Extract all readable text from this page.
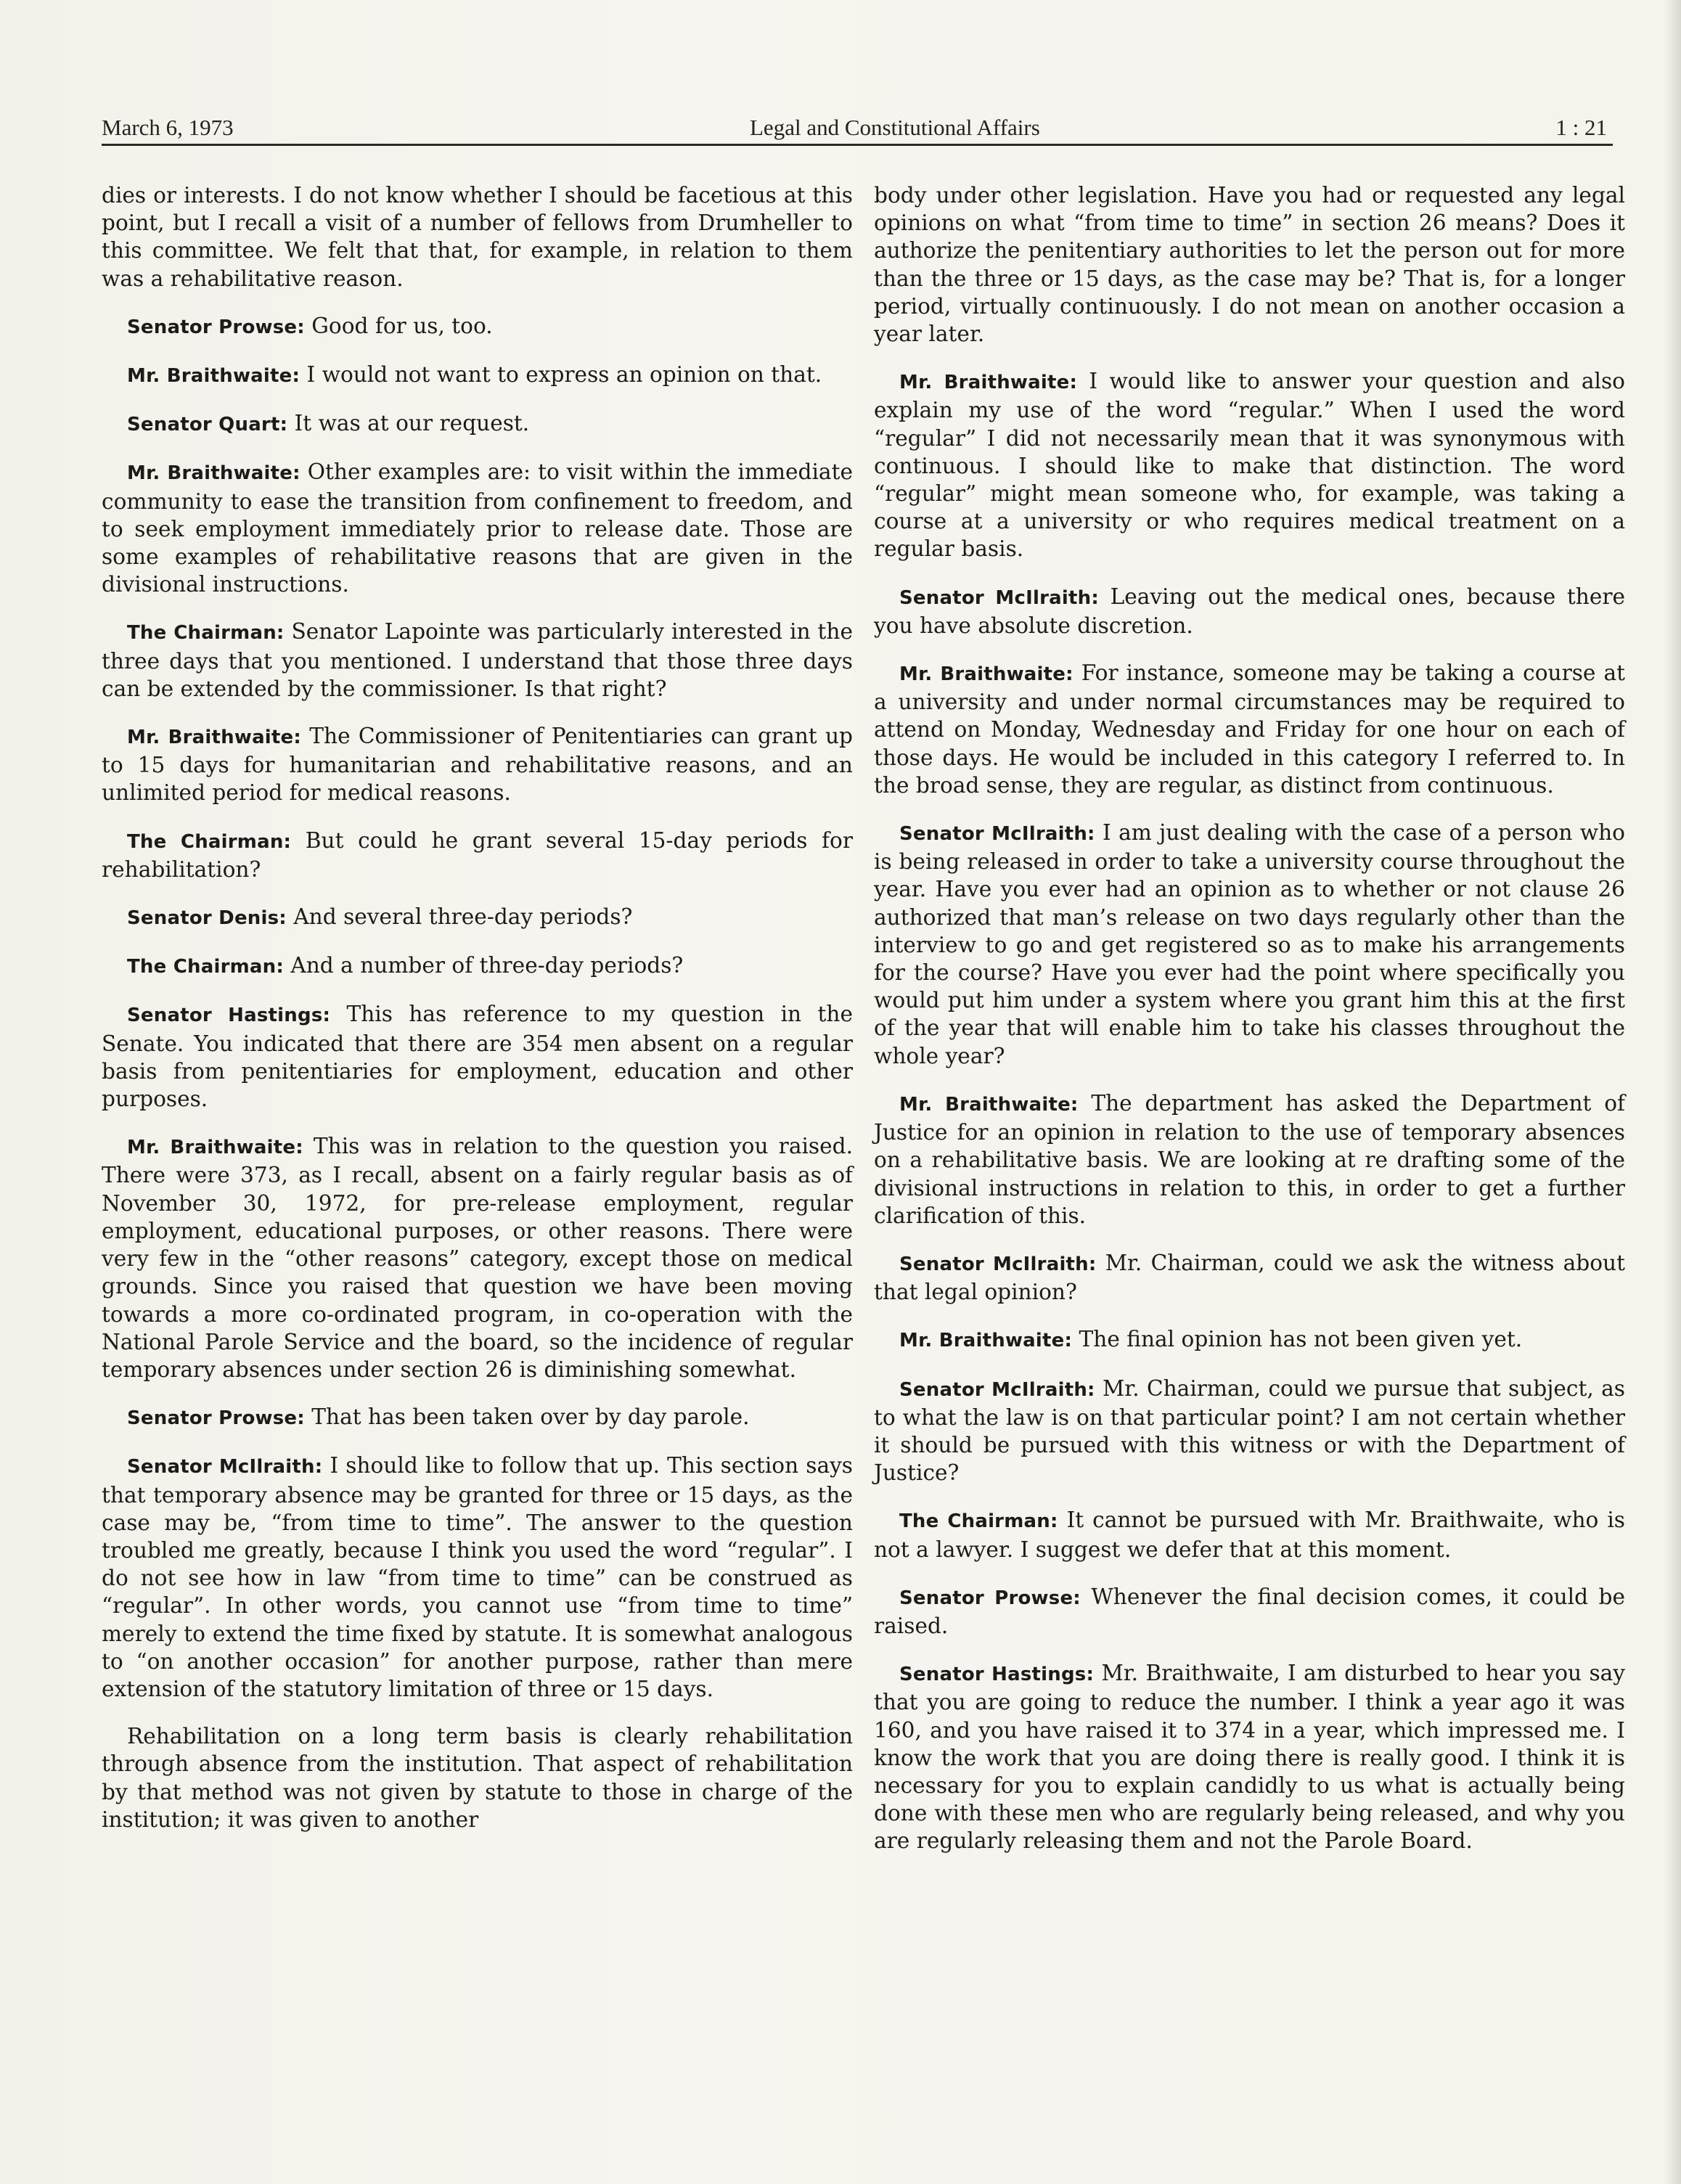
March 6, 1973	Legal and Constitutional Affairs	1 : 21

dies or interests. I do not know whether I should be facetious at this point, but I recall a visit of a number of fellows from Drumheller to this committee. We felt that that, for example, in relation to them was a rehabilitative reason.

Senator Prowse: Good for us, too.

Mr. Braithwaite: I would not want to express an opinion on that.

Senator Quart: It was at our request.

Mr. Braithwaite: Other examples are: to visit within the immediate community to ease the transition from confinement to freedom, and to seek employment immediately prior to release date. Those are some examples of rehabilitative reasons that are given in the divisional instructions.

The Chairman: Senator Lapointe was particularly interested in the three days that you mentioned. I understand that those three days can be extended by the commissioner. Is that right?

Mr. Braithwaite: The Commissioner of Penitentiaries can grant up to 15 days for humanitarian and rehabilitative reasons, and an unlimited period for medical reasons.

The Chairman: But could he grant several 15-day periods for rehabilitation?

Senator Denis: And several three-day periods?

The Chairman: And a number of three-day periods?

Senator Hastings: This has reference to my question in the Senate. You indicated that there are 354 men absent on a regular basis from penitentiaries for employment, education and other purposes.

Mr. Braithwaite: This was in relation to the question you raised. There were 373, as I recall, absent on a fairly regular basis as of November 30, 1972, for pre-release employment, regular employment, educational purposes, or other reasons. There were very few in the “other reasons” category, except those on medical grounds. Since you raised that question we have been moving towards a more co-ordinated program, in co-operation with the National Parole Service and the board, so the incidence of regular temporary absences under section 26 is diminishing somewhat.

Senator Prowse: That has been taken over by day parole.

Senator McIlraith: I should like to follow that up. This section says that temporary absence may be granted for three or 15 days, as the case may be, “from time to time”. The answer to the question troubled me greatly, because I think you used the word “regular”. I do not see how in law “from time to time” can be construed as “regular”. In other words, you cannot use “from time to time” merely to extend the time fixed by statute. It is somewhat analogous to “on another occasion” for another purpose, rather than mere extension of the statutory limitation of three or 15 days.

Rehabilitation on a long term basis is clearly rehabilitation through absence from the institution. That aspect of rehabilitation by that method was not given by statute to those in charge of the institution; it was given to another

body under other legislation. Have you had or requested any legal opinions on what “from time to time” in section 26 means? Does it authorize the penitentiary authorities to let the person out for more than the three or 15 days, as the case may be? That is, for a longer period, virtually continuously. I do not mean on another occasion a year later.

Mr. Braithwaite: I would like to answer your question and also explain my use of the word “regular.” When I used the word “regular” I did not necessarily mean that it was synonymous with continuous. I should like to make that distinction. The word “regular” might mean someone who, for example, was taking a course at a university or who requires medical treatment on a regular basis.

Senator McIlraith: Leaving out the medical ones, because there you have absolute discretion.

Mr. Braithwaite: For instance, someone may be taking a course at a university and under normal circumstances may be required to attend on Monday, Wednesday and Friday for one hour on each of those days. He would be included in this category I referred to. In the broad sense, they are regular, as distinct from continuous.

Senator McIlraith: I am just dealing with the case of a person who is being released in order to take a university course throughout the year. Have you ever had an opinion as to whether or not clause 26 authorized that man’s release on two days regularly other than the interview to go and get registered so as to make his arrangements for the course? Have you ever had the point where specifically you would put him under a system where you grant him this at the first of the year that will enable him to take his classes throughout the whole year?

Mr. Braithwaite: The department has asked the Department of Justice for an opinion in relation to the use of temporary absences on a rehabilitative basis. We are looking at re drafting some of the divisional instructions in relation to this, in order to get a further clarification of this.

Senator McIlraith: Mr. Chairman, could we ask the witness about that legal opinion?

Mr. Braithwaite: The final opinion has not been given yet.

Senator McIlraith: Mr. Chairman, could we pursue that subject, as to what the law is on that particular point? I am not certain whether it should be pursued with this witness or with the Department of Justice?

The Chairman: It cannot be pursued with Mr. Braithwaite, who is not a lawyer. I suggest we defer that at this moment.

Senator Prowse: Whenever the final decision comes, it could be raised.

Senator Hastings: Mr. Braithwaite, I am disturbed to hear you say that you are going to reduce the number. I think a year ago it was 160, and you have raised it to 374 in a year, which impressed me. I know the work that you are doing there is really good. I think it is necessary for you to explain candidly to us what is actually being done with these men who are regularly being released, and why you are regularly releasing them and not the Parole Board.
